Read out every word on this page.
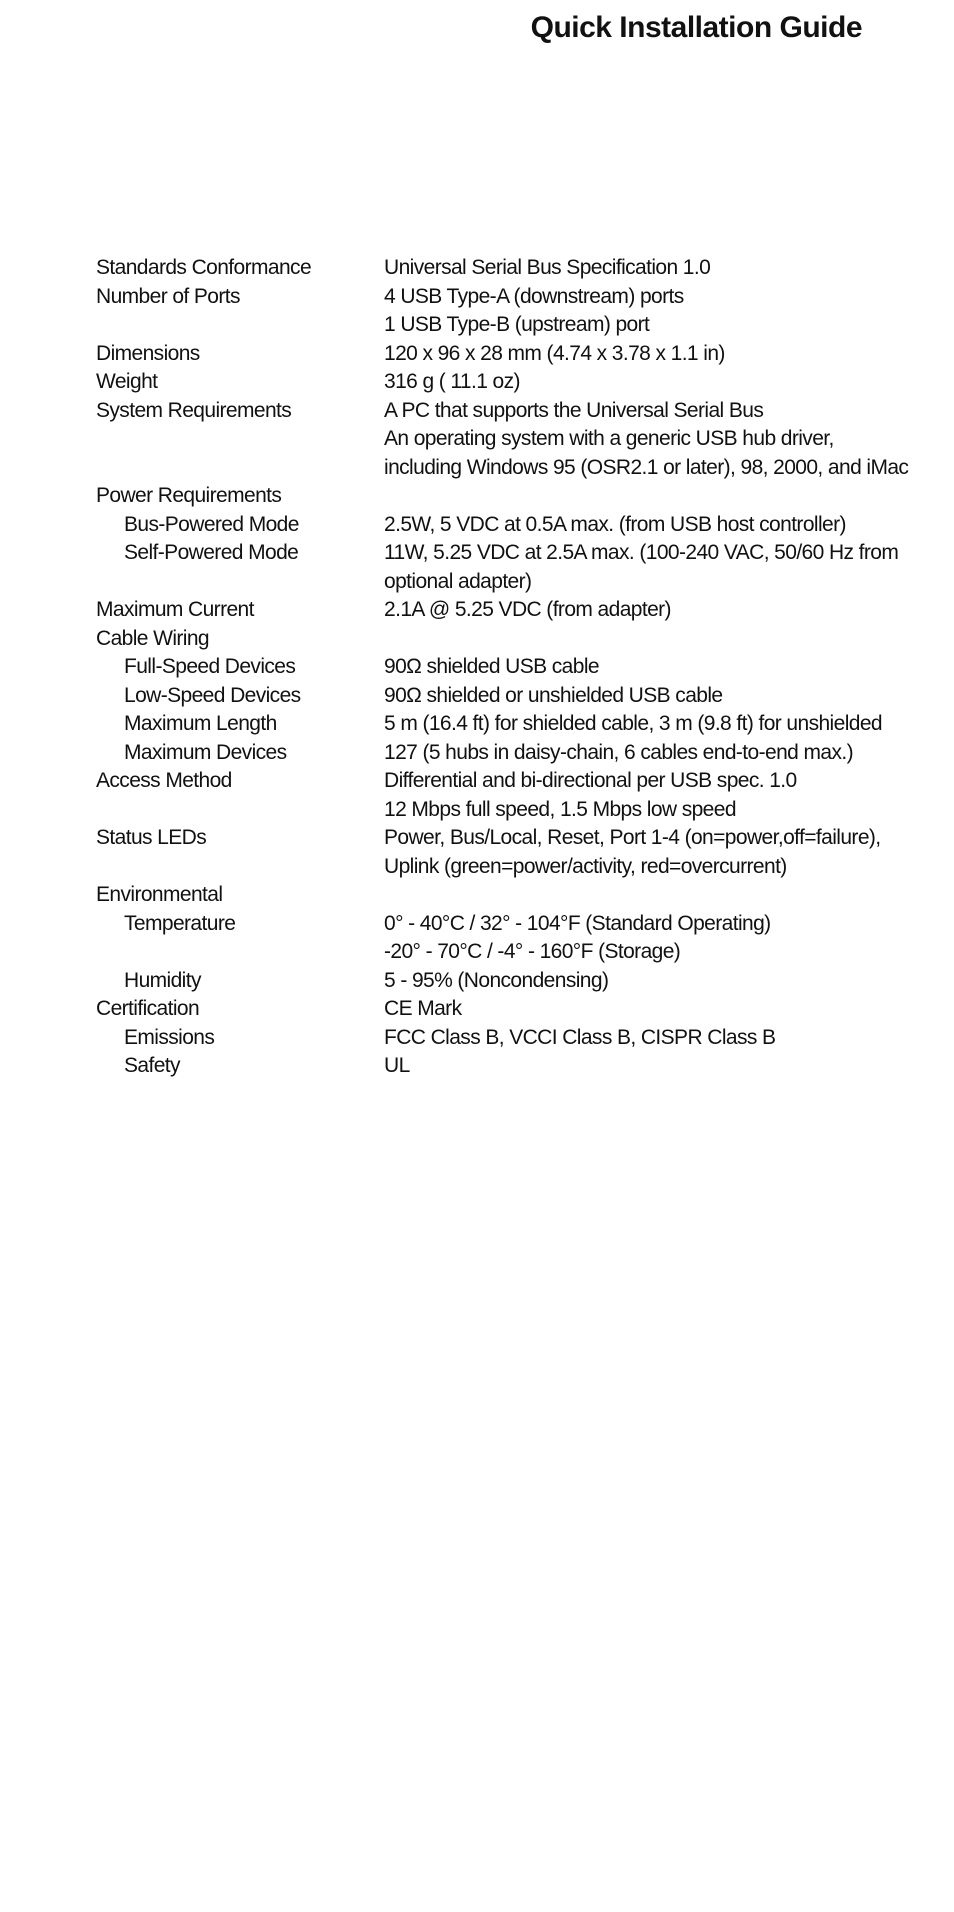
Quick Installation Guide
Standards Conformance	Universal Serial Bus Specification 1.0
Number of Ports	4 USB Type-A (downstream) ports
1 USB Type-B (upstream) port
Dimensions	120 x 96 x 28 mm (4.74 x 3.78 x 1.1 in)
Weight	316 g ( 11.1 oz)
System Requirements	A PC that supports the Universal Serial Bus
An operating system with a generic USB hub driver,
including Windows 95 (OSR2.1 or later), 98, 2000, and iMac
Power Requirements
Bus-Powered Mode	2.5W, 5 VDC at 0.5A max. (from USB host controller)
Self-Powered Mode	11W, 5.25 VDC at 2.5A max. (100-240 VAC, 50/60 Hz from
optional adapter)
Maximum Current	2.1A @ 5.25 VDC (from adapter)
Cable Wiring
Full-Speed Devices	90Ω shielded USB cable
Low-Speed Devices	90Ω shielded or unshielded USB cable
Maximum Length	5 m (16.4 ft) for shielded cable, 3 m (9.8 ft) for unshielded
Maximum Devices	127 (5 hubs in daisy-chain, 6 cables end-to-end max.)
Access Method	Differential and bi-directional per USB spec. 1.0
12 Mbps full speed, 1.5 Mbps low speed
Status LEDs	Power, Bus/Local, Reset, Port 1-4 (on=power,off=failure),
Uplink (green=power/activity, red=overcurrent)
Environmental
Temperature	0° - 40°C / 32° - 104°F (Standard Operating)
-20° - 70°C / -4° - 160°F (Storage)
Humidity	5 - 95% (Noncondensing)
Certification	CE Mark
Emissions	FCC Class B, VCCI Class B, CISPR Class B
Safety	UL
